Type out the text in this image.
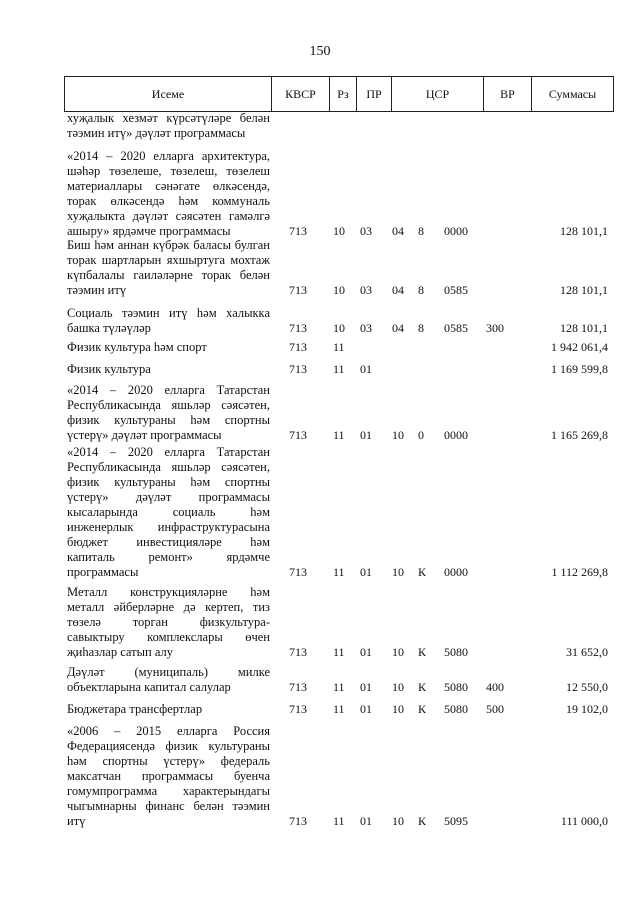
150
Исеме	КВСР	Рз	ПР	ЦСР	ВР	Суммасы
хуҗалык хезмәт күрсәтүләре белән тәэмин итү» дәүләт программасы
«2014 – 2020 елларга архитектура, шәһәр төзелеше, төзелеш, төзелеш материаллары сәнәгате өлкәсендә, торак өлкәсендә һәм коммуналь хуҗалыкта дәүләт сәясәтен гамәлгә ашыру» ярдәмче программасы	713 10 03 04 8 0000	128 101,1
Биш һәм аннан күбрәк баласы булган торак шартларын яхшыртуга мохтаж күпбалалы гаиләләрне торак белән тәэмин итү	713 10 03 04 8 0585	128 101,1
Социаль тәэмин итү һәм халыкка башка түләүләр	713 10 03 04 8 0585 300	128 101,1
Физик культура һәм спорт	713 11	1 942 061,4
Физик культура	713 11 01	1 169 599,8
«2014 – 2020 елларга Татарстан Республикасында яшьләр сәясәтен, физик культураны һәм спортны үстерү» дәүләт программасы	713 11 01 10 0 0000	1 165 269,8
«2014 – 2020 елларга Татарстан Республикасында яшьләр сәясәтен, физик культураны һәм спортны үстерү» дәүләт программасы кысаларында социаль һәм инженерлык инфраструктурасына бюджет инвестицияләре һәм капиталь ремонт» ярдәмче программасы	713 11 01 10 К 0000	1 112 269,8
Металл конструкцияләрне һәм металл әйберләрне дә кертеп, тиз төзелә торган физкультура-савыктыру комплекслары өчен җиһазлар сатып алу	713 11 01 10 К 5080	31 652,0
Дәүләт (муниципаль) милке объектларына капитал салулар	713 11 01 10 К 5080 400	12 550,0
Бюджетара трансфертлар	713 11 01 10 К 5080 500	19 102,0
«2006 – 2015 елларга Россия Федерациясендә физик культураны һәм спортны үстерү» федераль максатчан программасы буенча гомумпрограмма характерындагы чыгымнарны финанс белән тәэмин итү	713 11 01 10 К 5095	111 000,0
